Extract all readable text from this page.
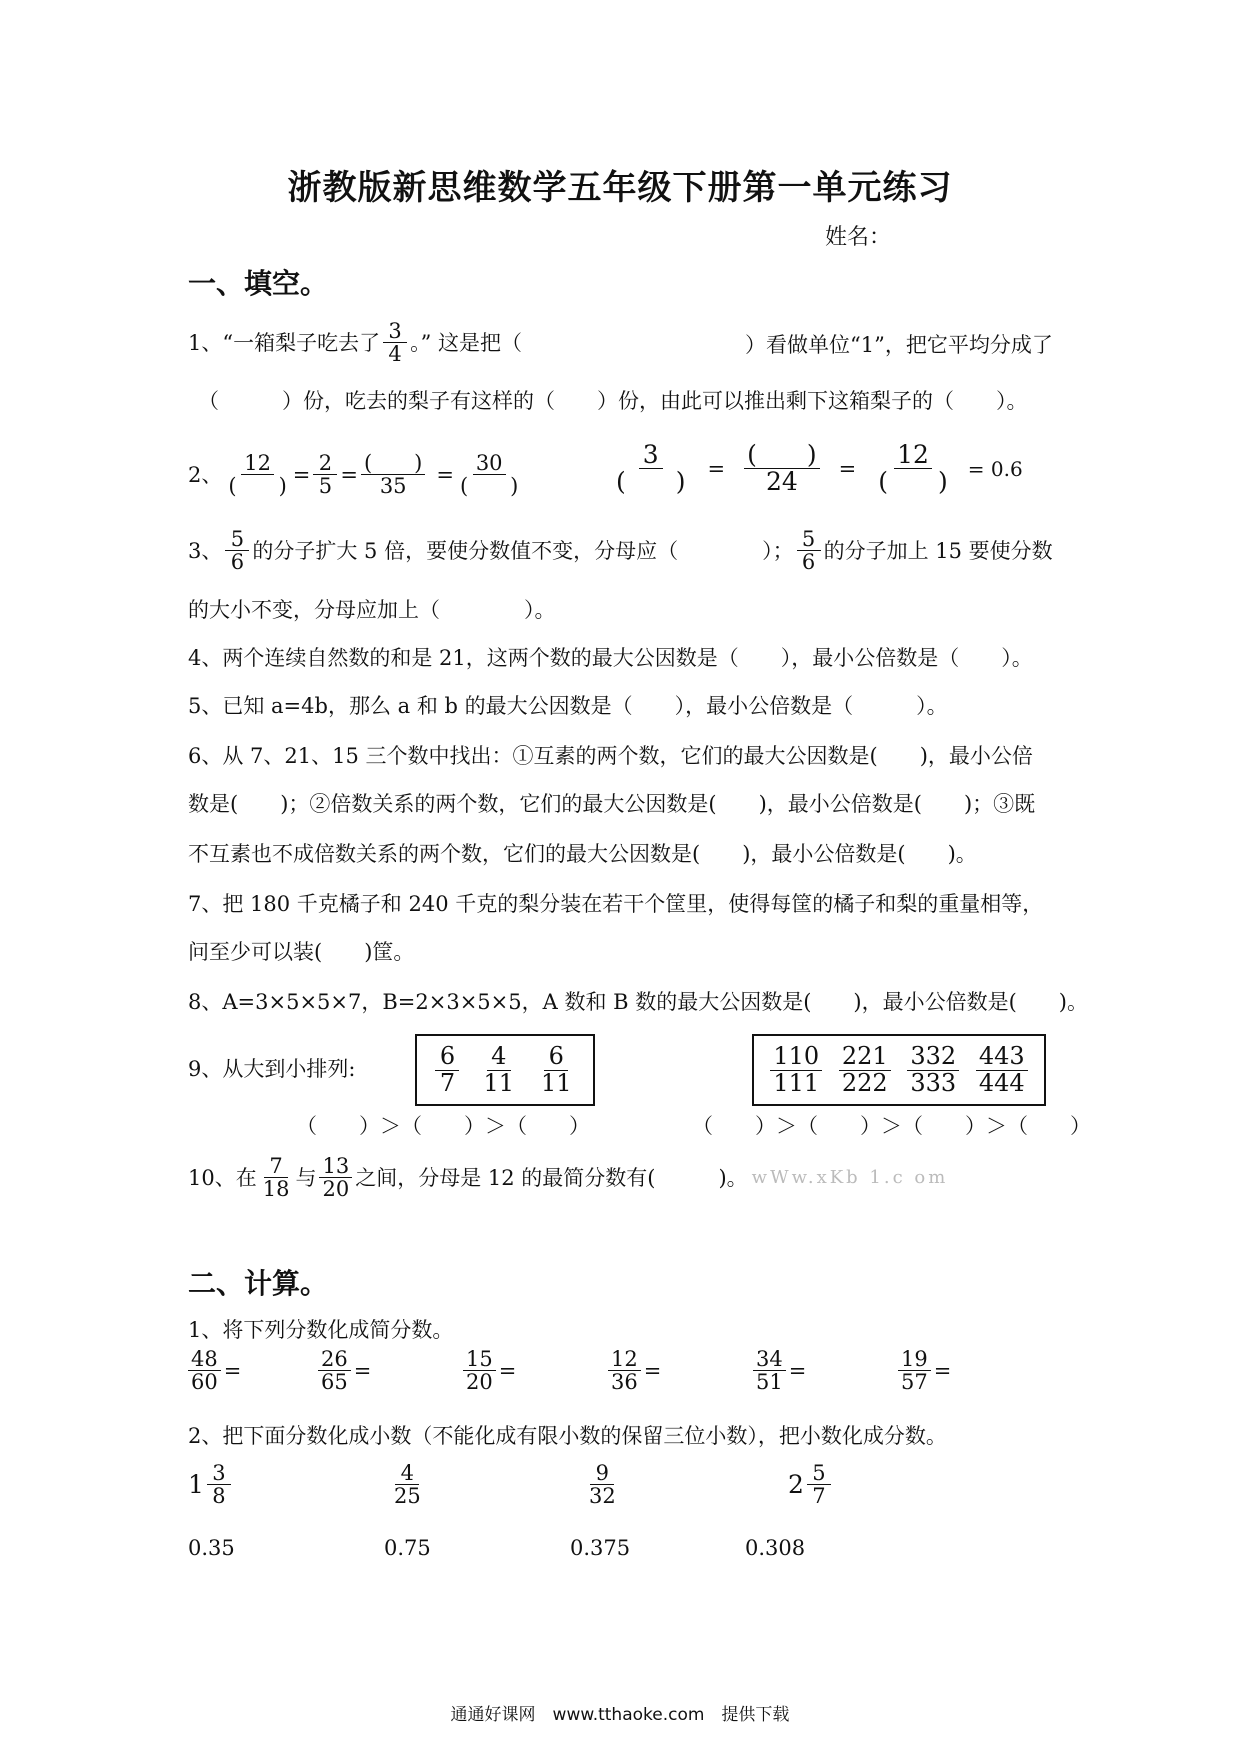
浙教版新思维数学五年级下册第一单元练习
姓名：
一、填空。
1、“一箱梨子吃去了 $\frac{3}{4}$ 。” 这是把（	）看做单位“1”，把它平均分成了
（　　　）份，吃去的梨子有这样的（　　）份，由此可以推出剩下这箱梨子的（　　）。
2、 $\frac{12}{( )} = \frac{2}{5} = \frac{( )}{35} = \frac{30}{( )}$	$\frac{3}{( )} = \frac{( )}{24} = \frac{12}{( )} = 0.6$
3、 $\frac{5}{6}$ 的分子扩大 5 倍，要使分数值不变，分母应（　　　　）； $\frac{5}{6}$ 的分子加上 15 要使分数
的大小不变，分母应加上（　　　　）。
4、两个连续自然数的和是 21，这两个数的最大公因数是（　　），最小公倍数是（　　）。
5、已知 a=4b，那么 a 和 b 的最大公因数是（　　），最小公倍数是（　　　）。
6、从 7、21、15 三个数中找出：①互素的两个数，它们的最大公因数是(　　)，最小公倍
数是(　　)；②倍数关系的两个数，它们的最大公因数是(　　)，最小公倍数是(　　)；③既
不互素也不成倍数关系的两个数，它们的最大公因数是(　　)，最小公倍数是(　　)。
7、把 180 千克橘子和 240 千克的梨分装在若干个筐里，使得每筐的橘子和梨的重量相等，
问至少可以装(　　)筐。
8、A=3×5×5×7，B=2×3×5×5，A 数和 B 数的最大公因数是(　　)，最小公倍数是(　　)。
9、从大到小排列:	$\frac{6}{7} \frac{4}{11} \frac{6}{11}$	$\frac{110}{111} \frac{221}{222} \frac{332}{333} \frac{443}{444}$
（　　）＞（　　）＞（　　）	（　　）＞（　　）＞（　　）＞（　　）
10、在 $\frac{7}{18}$ 与 $\frac{13}{20}$ 之间，分母是 12 的最简分数有(　　　)。 wWw.xKb 1.c om
二、计算。
1、将下列分数化成简分数。
$\frac{48}{60}$ =	$\frac{26}{65}$ =	$\frac{15}{20}$ =	$\frac{12}{36}$ =	$\frac{34}{51}$ =	$\frac{19}{57}$ =
2、把下面分数化成小数（不能化成有限小数的保留三位小数），把小数化成分数。
$1 \frac{3}{8}$	$\frac{4}{25}$	$\frac{9}{32}$	$2 \frac{5}{7}$
0.35	0.75	0.375	0.308
通通好课网　www.tthaoke.com　提供下载
